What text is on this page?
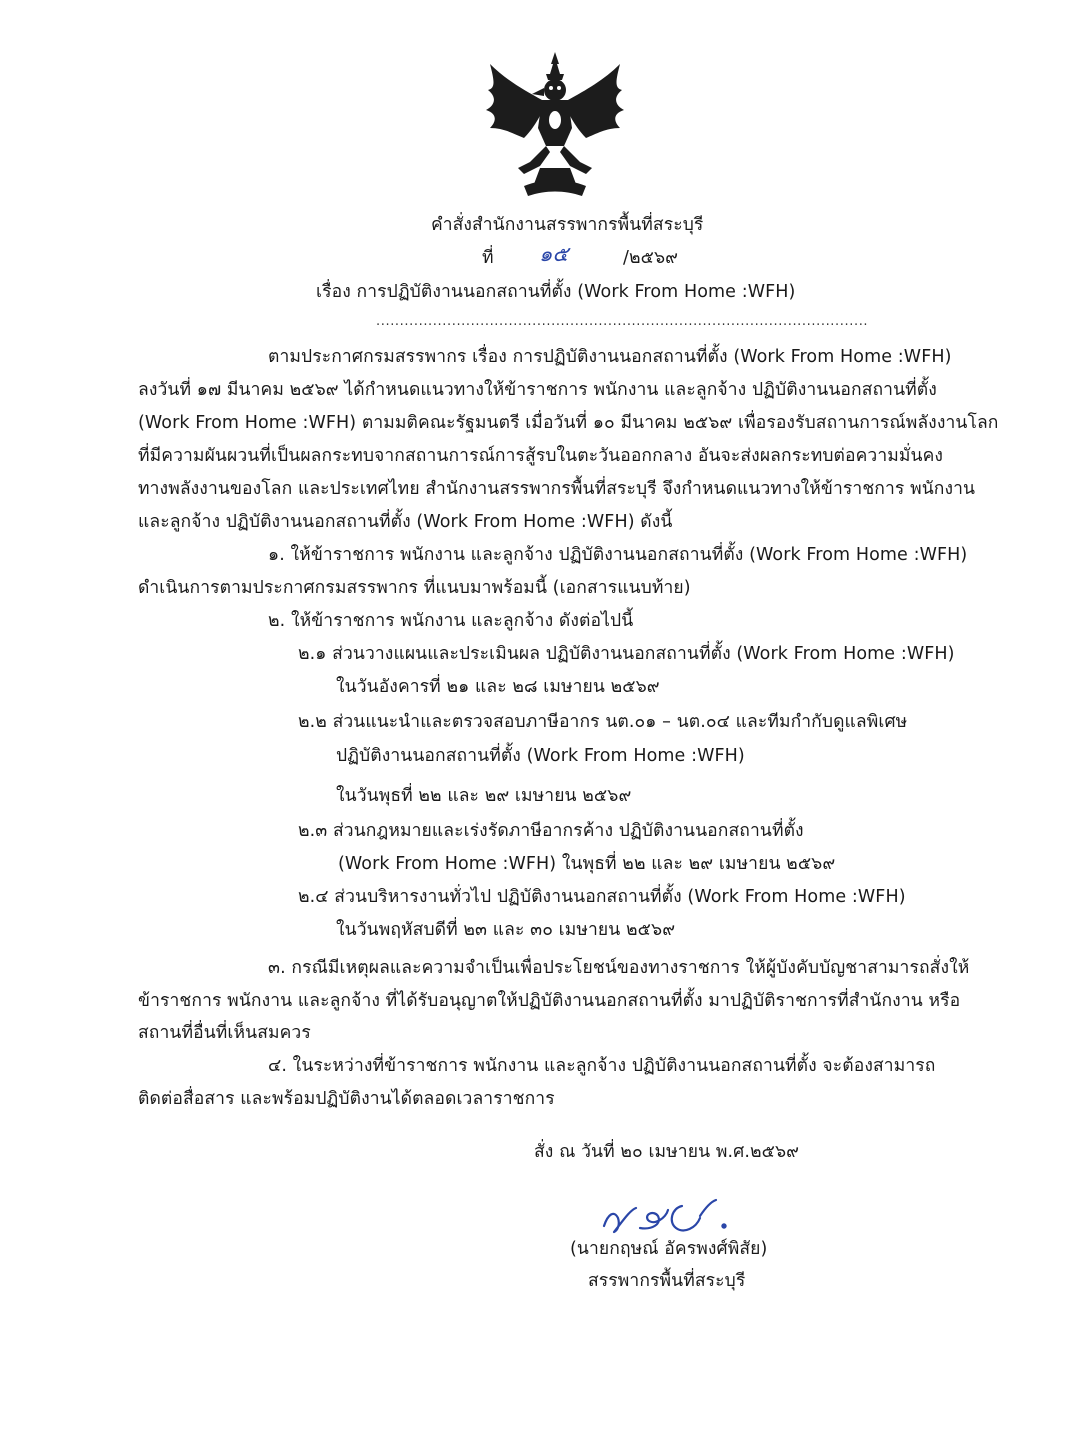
คำสั่งสำนักงานสรรพากรพื้นที่สระบุรี
ที่ ๑๕	/๒๕๖๙
เรื่อง การปฏิบัติงานนอกสถานที่ตั้ง (Work From Home :WFH)
........................................................................................................
ตามประกาศกรมสรรพากร เรื่อง การปฏิบัติงานนอกสถานที่ตั้ง (Work From Home :WFH)
ลงวันที่ ๑๗ มีนาคม ๒๕๖๙ ได้กำหนดแนวทางให้ข้าราชการ พนักงาน และลูกจ้าง ปฏิบัติงานนอกสถานที่ตั้ง
(Work From Home :WFH) ตามมติคณะรัฐมนตรี เมื่อวันที่ ๑๐ มีนาคม ๒๕๖๙ เพื่อรองรับสถานการณ์พลังงานโลก
ที่มีความผันผวนที่เป็นผลกระทบจากสถานการณ์การสู้รบในตะวันออกกลาง อันจะส่งผลกระทบต่อความมั่นคง
ทางพลังงานของโลก และประเทศไทย สำนักงานสรรพากรพื้นที่สระบุรี จึงกำหนดแนวทางให้ข้าราชการ พนักงาน
และลูกจ้าง ปฏิบัติงานนอกสถานที่ตั้ง (Work From Home :WFH) ดังนี้
๑. ให้ข้าราชการ พนักงาน และลูกจ้าง ปฏิบัติงานนอกสถานที่ตั้ง (Work From Home :WFH)
ดำเนินการตามประกาศกรมสรรพากร ที่แนบมาพร้อมนี้ (เอกสารแนบท้าย)
๒. ให้ข้าราชการ พนักงาน และลูกจ้าง ดังต่อไปนี้
๒.๑ ส่วนวางแผนและประเมินผล ปฏิบัติงานนอกสถานที่ตั้ง (Work From Home :WFH)
ในวันอังคารที่ ๒๑ และ ๒๘ เมษายน ๒๕๖๙
๒.๒ ส่วนแนะนำและตรวจสอบภาษีอากร นต.๐๑ – นต.๐๔ และทีมกำกับดูแลพิเศษ
ปฏิบัติงานนอกสถานที่ตั้ง (Work From Home :WFH)
ในวันพุธที่ ๒๒ และ ๒๙ เมษายน ๒๕๖๙
๒.๓ ส่วนกฎหมายและเร่งรัดภาษีอากรค้าง ปฏิบัติงานนอกสถานที่ตั้ง
(Work From Home :WFH) ในพุธที่ ๒๒ และ ๒๙ เมษายน ๒๕๖๙
๒.๔ ส่วนบริหารงานทั่วไป ปฏิบัติงานนอกสถานที่ตั้ง (Work From Home :WFH)
ในวันพฤหัสบดีที่ ๒๓ และ ๓๐ เมษายน ๒๕๖๙
๓. กรณีมีเหตุผลและความจำเป็นเพื่อประโยชน์ของทางราชการ ให้ผู้บังคับบัญชาสามารถสั่งให้
ข้าราชการ พนักงาน และลูกจ้าง ที่ได้รับอนุญาตให้ปฏิบัติงานนอกสถานที่ตั้ง มาปฏิบัติราชการที่สำนักงาน หรือ
สถานที่อื่นที่เห็นสมควร
๔. ในระหว่างที่ข้าราชการ พนักงาน และลูกจ้าง ปฏิบัติงานนอกสถานที่ตั้ง จะต้องสามารถ
ติดต่อสื่อสาร และพร้อมปฏิบัติงานได้ตลอดเวลาราชการ
สั่ง ณ วันที่ ๒๐ เมษายน พ.ศ.๒๕๖๙
(นายกฤษณ์ อัครพงศ์พิสัย)
สรรพากรพื้นที่สระบุรี
